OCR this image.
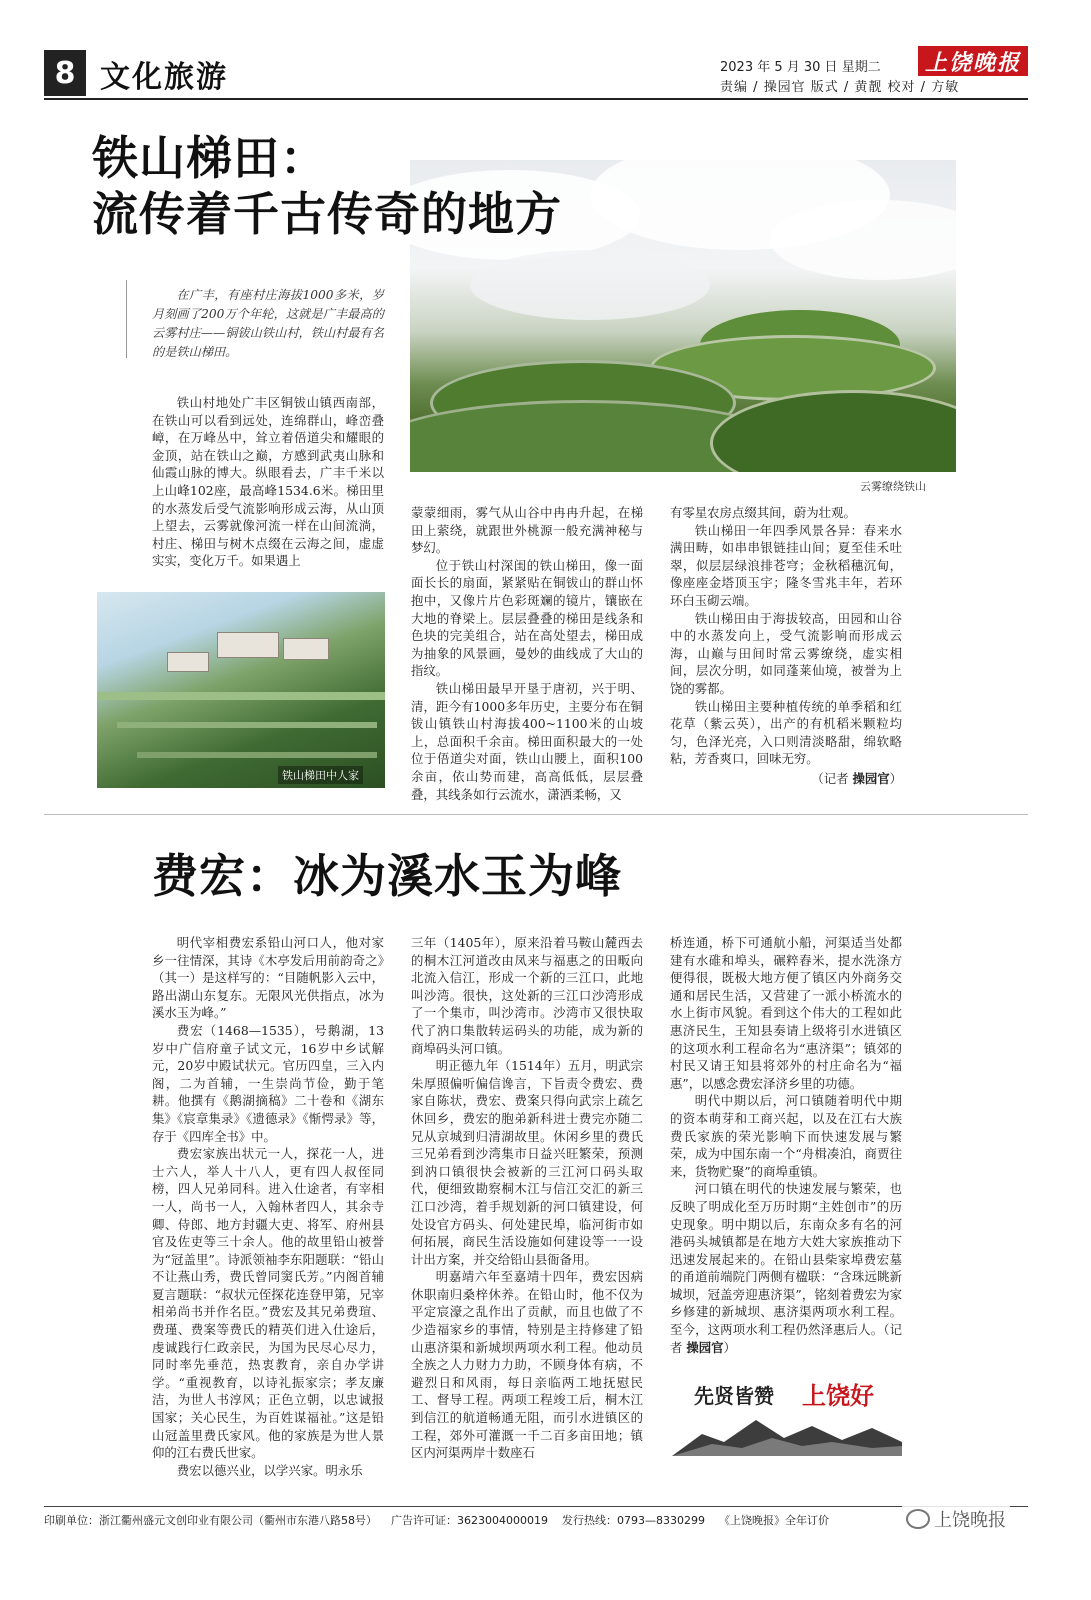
8 文化旅游	2023 年 5 月 30 日 星期二
责编 / 操园官 版式 / 黄靓 校对 / 方敏
上饶晚报
云雾缭绕铁山
铁山梯田：
流传着千古传奇的地方
在广丰，有座村庄海拔1000多米，岁月刻画了200万个年轮，这就是广丰最高的云雾村庄——铜钹山铁山村，铁山村最有名的是铁山梯田。

铁山村地处广丰区铜钹山镇西南部，在铁山可以看到远处，连绵群山，峰峦叠嶂，在万峰丛中，耸立着俉道尖和耀眼的金顶，站在铁山之巅，方感到武夷山脉和仙霞山脉的博大。纵眼看去，广丰千米以上山峰102座，最高峰1534.6米。梯田里的水蒸发后受气流影响形成云海，从山顶上望去，云雾就像河流一样在山间流淌，村庄、梯田与树木点缀在云海之间，虚虚实实，变化万千。如果遇上

铁山梯田中人家

蒙蒙细雨，雾气从山谷中冉冉升起，在梯田上萦绕，就跟世外桃源一般充满神秘与梦幻。

位于铁山村深闺的铁山梯田，像一面面长长的扇面，紧紧贴在铜钹山的群山怀抱中，又像片片色彩斑斓的镜片，镶嵌在大地的脊梁上。层层叠叠的梯田是线条和色块的完美组合，站在高处望去，梯田成为抽象的风景画，曼妙的曲线成了大山的指纹。

铁山梯田最早开垦于唐初，兴于明、清，距今有1000多年历史，主要分布在铜钹山镇铁山村海拔400~1100米的山坡上，总面积千余亩。梯田面积最大的一处位于俉道尖对面，铁山山腰上，面积100余亩，依山势而建，高高低低，层层叠叠，其线条如行云流水，潇洒柔畅，又

有零星农房点缀其间，蔚为壮观。

铁山梯田一年四季风景各异：春来水满田畴，如串串银链挂山间；夏至佳禾吐翠，似层层绿浪排苍穹；金秋稻穗沉甸，像座座金塔顶玉宇；隆冬雪兆丰年，若环环白玉砌云端。

铁山梯田由于海拔较高，田园和山谷中的水蒸发向上，受气流影响而形成云海，山巅与田间时常云雾缭绕，虚实相间，层次分明，如同蓬莱仙境，被誉为上饶的雾都。

铁山梯田主要种植传统的单季稻和红花草（紫云英），出产的有机稻米颗粒均匀，色泽光亮，入口则清淡略甜，绵软略粘，芳香爽口，回味无穷。

（记者 操园官）
费宏：冰为溪水玉为峰

明代宰相费宏系铅山河口人，他对家乡一往情深，其诗《木亭发后用前韵奇之》（其一）是这样写的：“目随帆影入云中，路出湖山东复东。无限风光供指点，冰为溪水玉为峰。”

费宏（1468—1535），号鹅湖，13岁中广信府童子试文元，16岁中乡试解元，20岁中殿试状元。官历四皇，三入内阁，二为首辅，一生崇尚节俭，勤于笔耕。他撰有《鹅湖摘稿》二十卷和《湖东集》《宸章集录》《遗德录》《惭愕录》等，存于《四库全书》中。

费宏家族出状元一人，探花一人，进士六人，举人十八人，更有四人叔侄同榜，四人兄弟同科。进入仕途者，有宰相一人，尚书一人，入翰林者四人，其余寺卿、侍郎、地方封疆大吏、将军、府州县官及佐吏等三十余人。他的故里铅山被誉为“冠盖里”。诗派领袖李东阳题联：“铅山不让燕山秀，费氏曾同窦氏芳。”内阁首辅夏言题联：“叔状元侄探花连登甲第，兄宰相弟尚书并作名臣。”费宏及其兄弟费瑄、费瑾、费案等费氏的精英们进入仕途后，虔诚践行仁政亲民，为国为民尽心尽力，同时率先垂范，热衷教育，亲自办学讲学。“重视教育，以诗礼振家宗；孝友廉洁，为世人书淳风；正色立朝，以忠诚报国家；关心民生，为百姓谋福祉。”这是铅山冠盖里费氏家风。他的家族是为世人景仰的江右费氏世家。

费宏以德兴业，以学兴家。明永乐

三年（1405年），原来沿着马鞍山麓西去的桐木江河道改由凤来与福惠之的田畈向北流入信江，形成一个新的三江口，此地叫沙湾。很快，这处新的三江口沙湾形成了一个集市，叫沙湾市。沙湾市又很快取代了汭口集散转运码头的功能，成为新的商埠码头河口镇。

明正德九年（1514年）五月，明武宗朱厚照偏听偏信谗言，下旨责令费宏、费家自陈状，费宏、费案只得向武宗上疏乞休回乡，费宏的胞弟新科进士费完亦随二兄从京城到归清湖故里。休闲乡里的费氏三兄弟看到沙湾集市日益兴旺繁荣，预测到汭口镇很快会被新的三江河口码头取代，便细致勘察桐木江与信江交汇的新三江口沙湾，着手规划新的河口镇建设，何处设官方码头、何处建民埠，临河街市如何拓展，商民生活设施如何建设等一一设计出方案，并交给铅山县衙备用。

明嘉靖六年至嘉靖十四年，费宏因病休职南归桑梓休养。在铅山时，他不仅为平定宸濠之乱作出了贡献，而且也做了不少造福家乡的事情，特别是主持修建了铅山惠济渠和新城坝两项水利工程。他动员全族之人力财力力助，不顾身体有病，不避烈日和风雨，每日亲临两工地抚慰民工、督导工程。两项工程竣工后，桐木江到信江的航道畅通无阻，而引水进镇区的工程，郊外可灌溉一千二百多亩田地；镇区内河渠两岸十数座石

桥连通，桥下可通航小船，河渠适当处都建有水碓和埠头，碾粹舂米，提水洗涤方便得很，既极大地方便了镇区内外商务交通和居民生活，又营建了一派小桥流水的水上街市风貌。看到这个伟大的工程如此惠济民生，王知县奏请上级将引水进镇区的这项水利工程命名为“惠济渠”；镇郊的村民又请王知县将郊外的村庄命名为“福惠”，以感念费宏泽济乡里的功德。

明代中期以后，河口镇随着明代中期的资本萌芽和工商兴起，以及在江右大族费氏家族的荣光影响下而快速发展与繁荣，成为中国东南一个“舟楫凑泊，商贾往来，货物贮聚”的商埠重镇。

河口镇在明代的快速发展与繁荣，也反映了明成化至万历时期“主姓创市”的历史现象。明中期以后，东南众多有名的河港码头城镇都是在地方大姓大家族推动下迅速发展起来的。在铅山县柴家埠费宏墓的甬道前端院门两侧有楹联：“含珠远眺新城坝，冠盖旁迎惠济渠”，铭刻着费宏为家乡修建的新城坝、惠济渠两项水利工程。至今，这两项水利工程仍然泽惠后人。（记者 操园官）

先贤皆赞 上饶好
印刷单位：浙江衢州盛元文创印业有限公司（衢州市东港八路58号） 广告许可证：3623004000019 发行热线：0793—8330299 《上饶晚报》全年订价	上饶晚报
